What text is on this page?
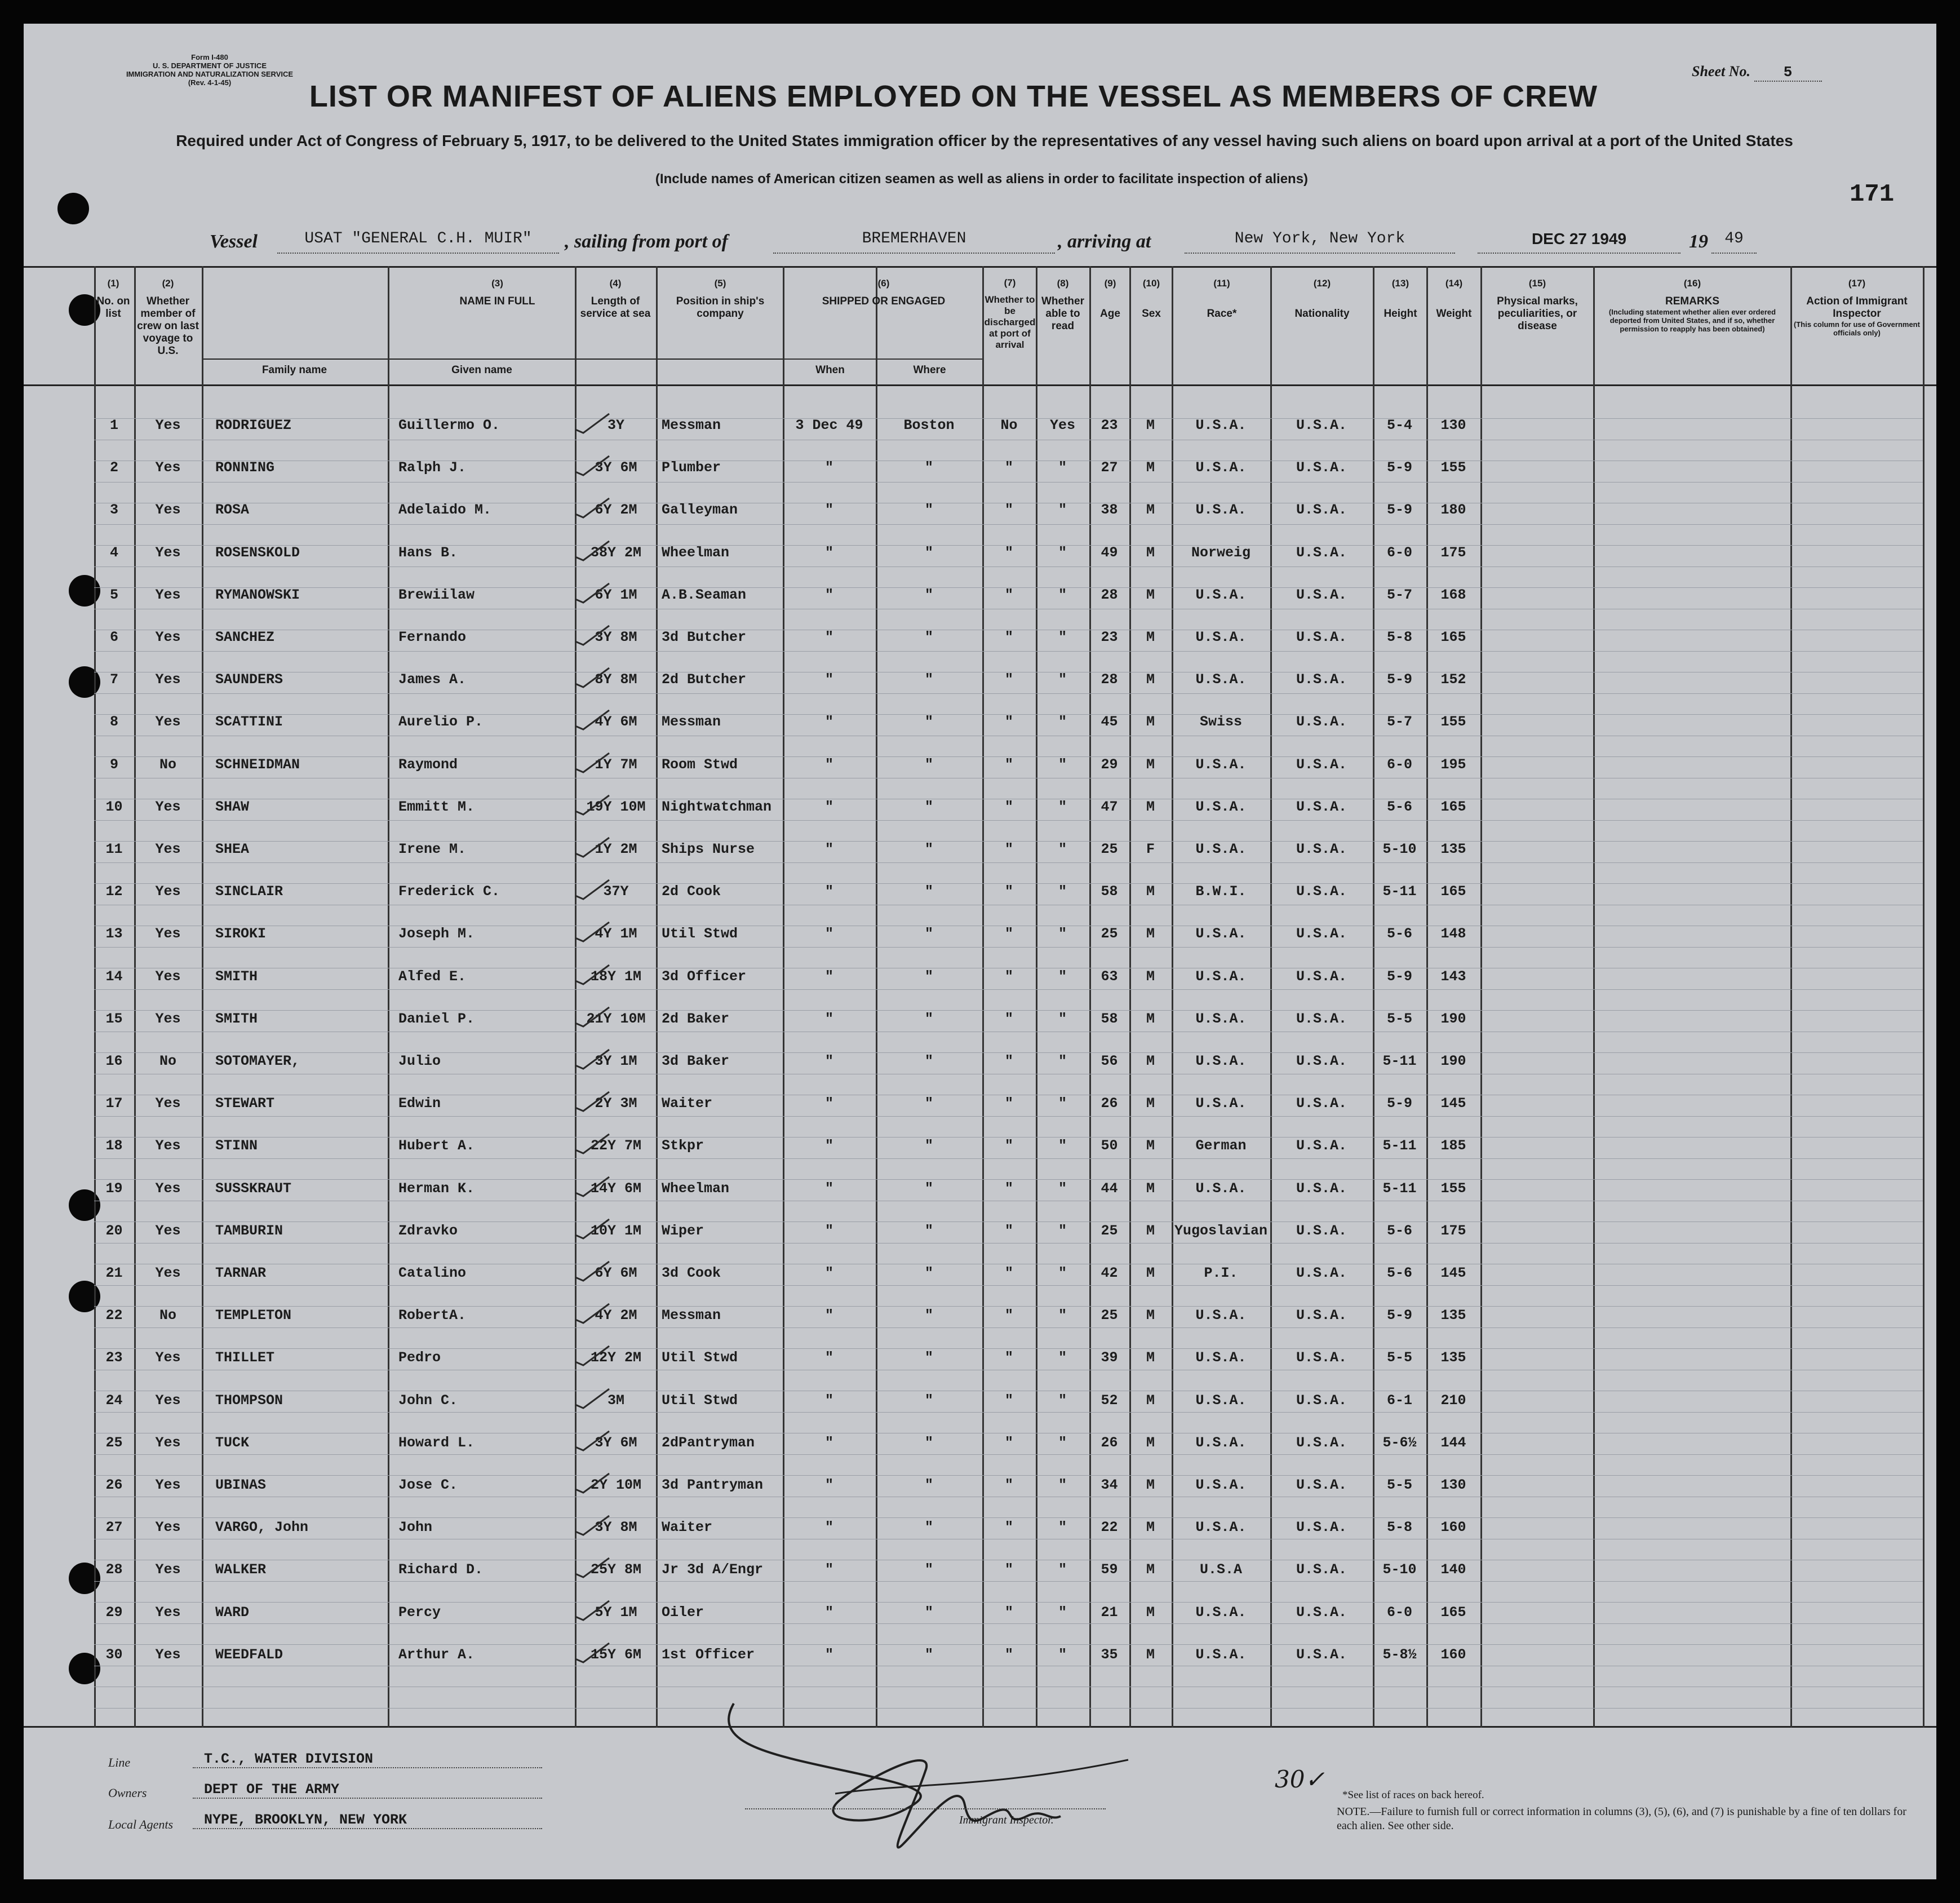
Form I-480
U. S. DEPARTMENT OF JUSTICE
IMMIGRATION AND NATURALIZATION SERVICE
(Rev. 4-1-45)
Sheet No. 5
LIST OR MANIFEST OF ALIENS EMPLOYED ON THE VESSEL AS MEMBERS OF CREW
Required under Act of Congress of February 5, 1917, to be delivered to the United States immigration officer by the representatives of any vessel having such aliens on board upon arrival at a port of the United States
(Include names of American citizen seamen as well as aliens in order to facilitate inspection of aliens)
171
Vessel	USAT "GENERAL C.H. MUIR"	, sailing from port of	BREMERHAVEN	, arriving at	New York, New York	DEC 27 1949	19	49
(1)
No. on list
(2)
Whether member of crew on last voyage to U.S.
(3)
NAME IN FULL
Family name	Given name
(4)
Length of service at sea
(5)
Position in ship's company
(6)
SHIPPED OR ENGAGED
When	Where
(7)
Whether to be discharged at port of arrival
(8)
Whether able to read
(9)

Age
(10)

Sex
(11)

Race*
(12)

Nationality
(13)

Height
(14)

Weight
(15)
Physical marks, peculiarities, or disease
(16)
REMARKS

(Including statement whether alien ever ordered deported from United States, and if so, whether permission to reapply has been obtained)
(17)
Action of Immigrant Inspector

(This column for use of Government officials only)
1	Yes	RODRIGUEZ	Guillermo O.	3Y	Messman	3 Dec 49	Boston	No	Yes	23	M	U.S.A.	U.S.A.	5-4	130
2	Yes	RONNING	Ralph J.	3Y 6M	Plumber	"	"	"	"	27	M	U.S.A.	U.S.A.	5-9	155
3	Yes	ROSA	Adelaido M.	6Y 2M	Galleyman	"	"	"	"	38	M	U.S.A.	U.S.A.	5-9	180
4	Yes	ROSENSKOLD	Hans B.	38Y 2M	Wheelman	"	"	"	"	49	M	Norweig	U.S.A.	6-0	175
5	Yes	RYMANOWSKI	Brewiilaw	6Y 1M	A.B.Seaman	"	"	"	"	28	M	U.S.A.	U.S.A.	5-7	168
6	Yes	SANCHEZ	Fernando	3Y 8M	3d Butcher	"	"	"	"	23	M	U.S.A.	U.S.A.	5-8	165
7	Yes	SAUNDERS	James A.	8Y 8M	2d Butcher	"	"	"	"	28	M	U.S.A.	U.S.A.	5-9	152
8	Yes	SCATTINI	Aurelio P.	4Y 6M	Messman	"	"	"	"	45	M	Swiss	U.S.A.	5-7	155
9	No	SCHNEIDMAN	Raymond	1Y 7M	Room Stwd	"	"	"	"	29	M	U.S.A.	U.S.A.	6-0	195
10	Yes	SHAW	Emmitt M.	19Y 10M	Nightwatchman	"	"	"	"	47	M	U.S.A.	U.S.A.	5-6	165
11	Yes	SHEA	Irene M.	1Y 2M	Ships Nurse	"	"	"	"	25	F	U.S.A.	U.S.A.	5-10	135
12	Yes	SINCLAIR	Frederick C.	37Y	2d Cook	"	"	"	"	58	M	B.W.I.	U.S.A.	5-11	165
13	Yes	SIROKI	Joseph M.	4Y 1M	Util Stwd	"	"	"	"	25	M	U.S.A.	U.S.A.	5-6	148
14	Yes	SMITH	Alfed E.	18Y 1M	3d Officer	"	"	"	"	63	M	U.S.A.	U.S.A.	5-9	143
15	Yes	SMITH	Daniel P.	21Y 10M	2d Baker	"	"	"	"	58	M	U.S.A.	U.S.A.	5-5	190
16	No	SOTOMAYER,	Julio	3Y 1M	3d Baker	"	"	"	"	56	M	U.S.A.	U.S.A.	5-11	190
17	Yes	STEWART	Edwin	2Y 3M	Waiter	"	"	"	"	26	M	U.S.A.	U.S.A.	5-9	145
18	Yes	STINN	Hubert A.	22Y 7M	Stkpr	"	"	"	"	50	M	German	U.S.A.	5-11	185
19	Yes	SUSSKRAUT	Herman K.	14Y 6M	Wheelman	"	"	"	"	44	M	U.S.A.	U.S.A.	5-11	155
20	Yes	TAMBURIN	Zdravko	10Y 1M	Wiper	"	"	"	"	25	M	Yugoslavian	U.S.A.	5-6	175
21	Yes	TARNAR	Catalino	6Y 6M	3d Cook	"	"	"	"	42	M	P.I.	U.S.A.	5-6	145
22	No	TEMPLETON	RobertA.	4Y 2M	Messman	"	"	"	"	25	M	U.S.A.	U.S.A.	5-9	135
23	Yes	THILLET	Pedro	12Y 2M	Util Stwd	"	"	"	"	39	M	U.S.A.	U.S.A.	5-5	135
24	Yes	THOMPSON	John C.	3M	Util Stwd	"	"	"	"	52	M	U.S.A.	U.S.A.	6-1	210
25	Yes	TUCK	Howard L.	3Y 6M	2dPantryman	"	"	"	"	26	M	U.S.A.	U.S.A.	5-6½	144
26	Yes	UBINAS	Jose C.	2Y 10M	3d Pantryman	"	"	"	"	34	M	U.S.A.	U.S.A.	5-5	130
27	Yes	VARGO, John	John	3Y 8M	Waiter	"	"	"	"	22	M	U.S.A.	U.S.A.	5-8	160
28	Yes	WALKER	Richard D.	25Y 8M	Jr 3d A/Engr	"	"	"	"	59	M	U.S.A	U.S.A.	5-10	140
29	Yes	WARD	Percy	5Y 1M	Oiler	"	"	"	"	21	M	U.S.A.	U.S.A.	6-0	165
30	Yes	WEEDFALD	Arthur A.	15Y 6M	1st Officer	"	"	"	"	35	M	U.S.A.	U.S.A.	5-8½	160
Line	T.C., WATER DIVISION
Owners	DEPT OF THE ARMY
Local Agents	NYPE, BROOKLYN, NEW YORK
30✓
Immigrant Inspector.
*See list of races on back hereof.
NOTE.—Failure to furnish full or correct information in columns (3), (5), (6), and (7) is punishable by a fine of ten dollars for each alien. See other side.
